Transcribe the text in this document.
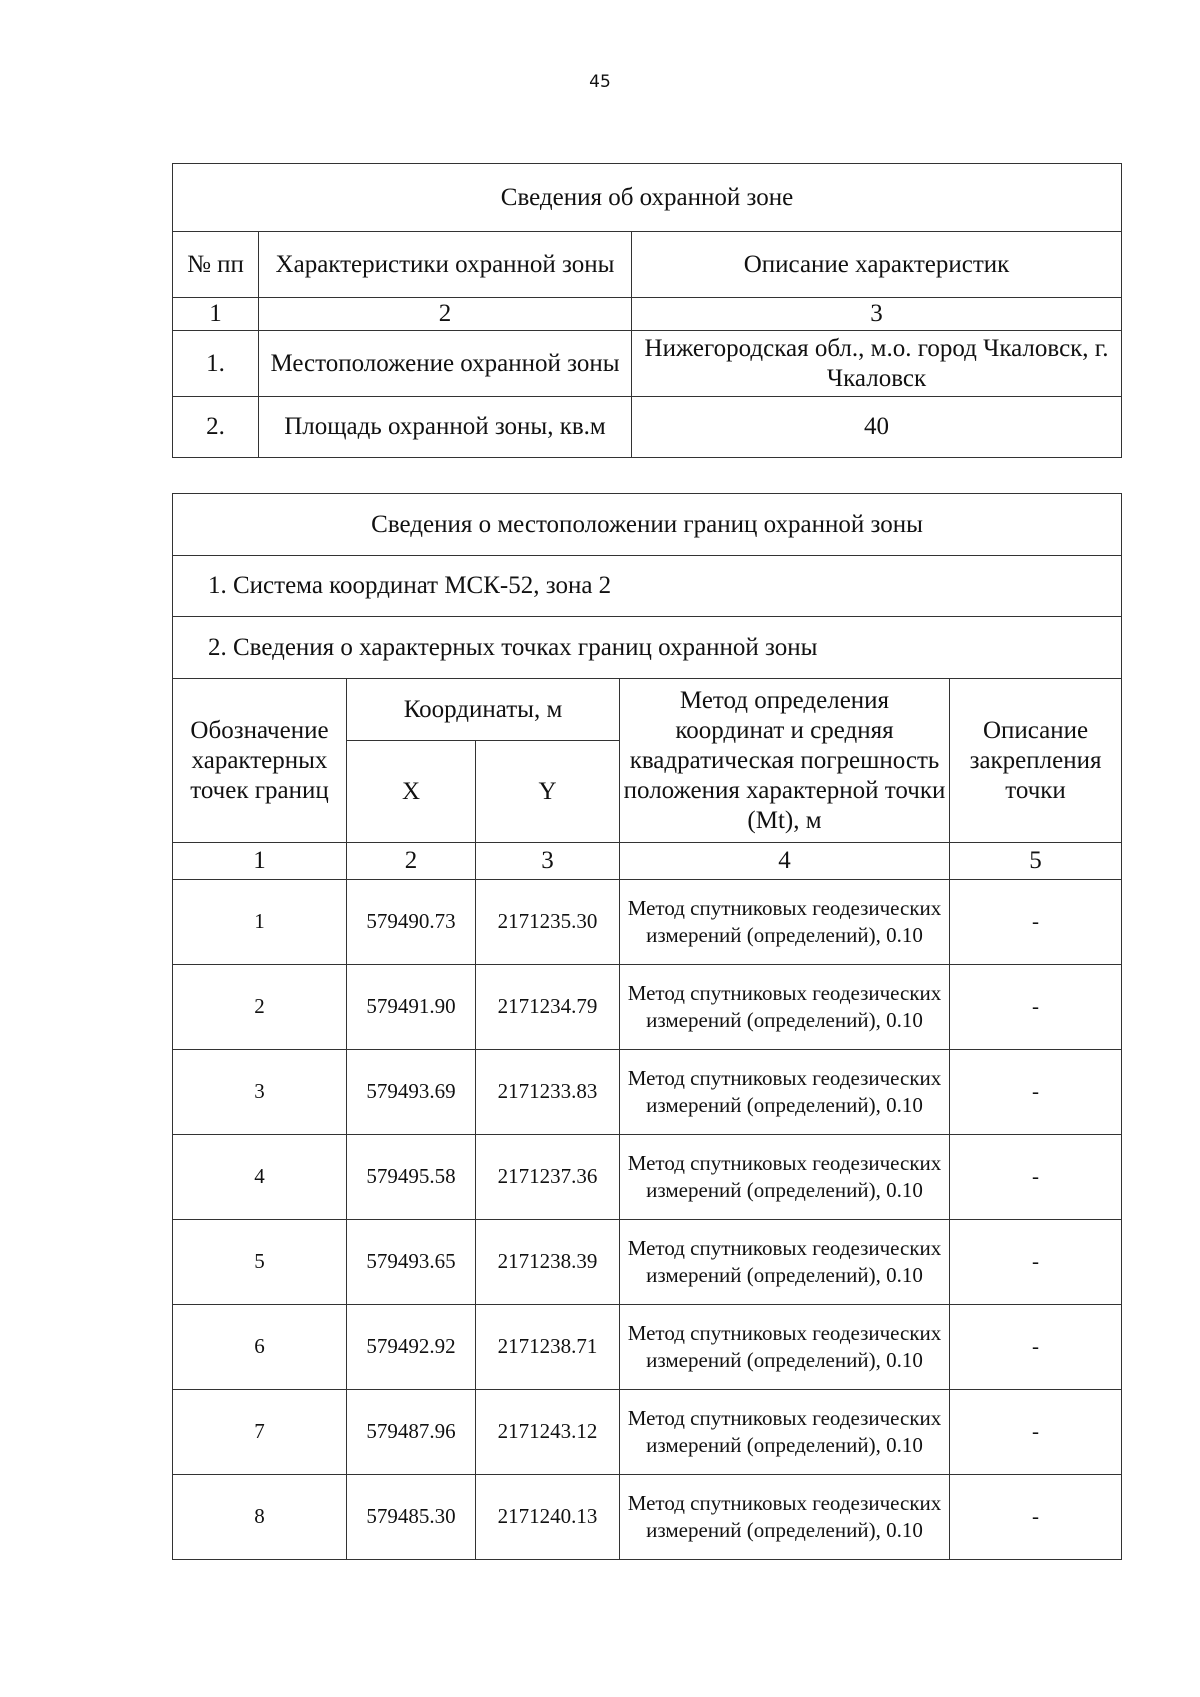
45
Сведения об охранной зоне		
№ пп	Характеристики охранной зоны	Описание характеристик
1	2	3
1.	Местоположение охранной зоны	Нижегородская обл., м.о. город Чкаловск, г. Чкаловск
2.	Площадь охранной зоны, кв.м	40
Сведения о местоположении границ охранной зоны				
1. Система координат МСК-52, зона 2				
2. Сведения о характерных точках границ охранной зоны				
Обозначение характерных точек границ	Координаты, м		Метод определения координат и средняя квадратическая погрешность положения характерной точки (Mt), м	Описание закрепления точки
	X	Y		
1	2	3	4	5
1	579490.73	2171235.30	Метод спутниковых геодезических измерений (определений), 0.10	-
2	579491.90	2171234.79	Метод спутниковых геодезических измерений (определений), 0.10	-
3	579493.69	2171233.83	Метод спутниковых геодезических измерений (определений), 0.10	-
4	579495.58	2171237.36	Метод спутниковых геодезических измерений (определений), 0.10	-
5	579493.65	2171238.39	Метод спутниковых геодезических измерений (определений), 0.10	-
6	579492.92	2171238.71	Метод спутниковых геодезических измерений (определений), 0.10	-
7	579487.96	2171243.12	Метод спутниковых геодезических измерений (определений), 0.10	-
8	579485.30	2171240.13	Метод спутниковых геодезических измерений (определений), 0.10	-
